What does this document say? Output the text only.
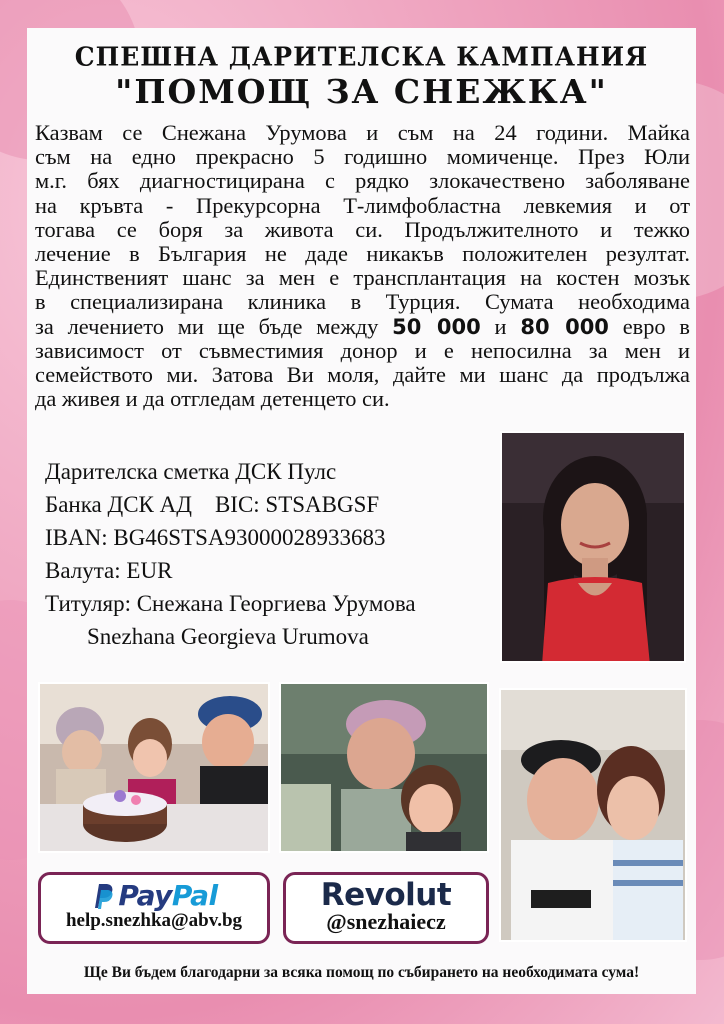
СПЕШНА ДАРИТЕЛСКА КАМПАНИЯ
"ПОМОЩ ЗА СНЕЖКА"
Казвам се Снежана Урумова и съм на 24 години. Майка
съм на едно прекрасно 5 годишно момиченце. През Юли
м.г. бях диагностицирана с рядко злокачествено заболяване
на кръвта - Прекурсорна Т-лимфобластна левкемия и от
тогава се боря за живота си. Продължителното и тежко
лечение в България не даде никакъв положителен резултат.
Единственият шанс за мен е трансплантация на костен мозък
в специализирана клиника в Турция. Сумата необходима
за лечението ми ще бъде между 50 000 и 80 000 евро в
зависимост от съвместимия донор и е непосилна за мен и
семейството ми. Затова Ви моля, дайте ми шанс да продължа
да живея и да отгледам детенцето си.
Дарителска сметка ДСК Пулс
Банка ДСК АД BIC: STSABGSF
IBAN: BG46STSA93000028933683
Валута: EUR
Титуляр: Снежана Георгиева Урумова
Snezhana Georgieva Urumova
PayPal
help.snezhka@abv.bg
Revolut
@snezhaiecz
Ще Ви бъдем благодарни за всяка помощ по събирането на необходимата сума!
